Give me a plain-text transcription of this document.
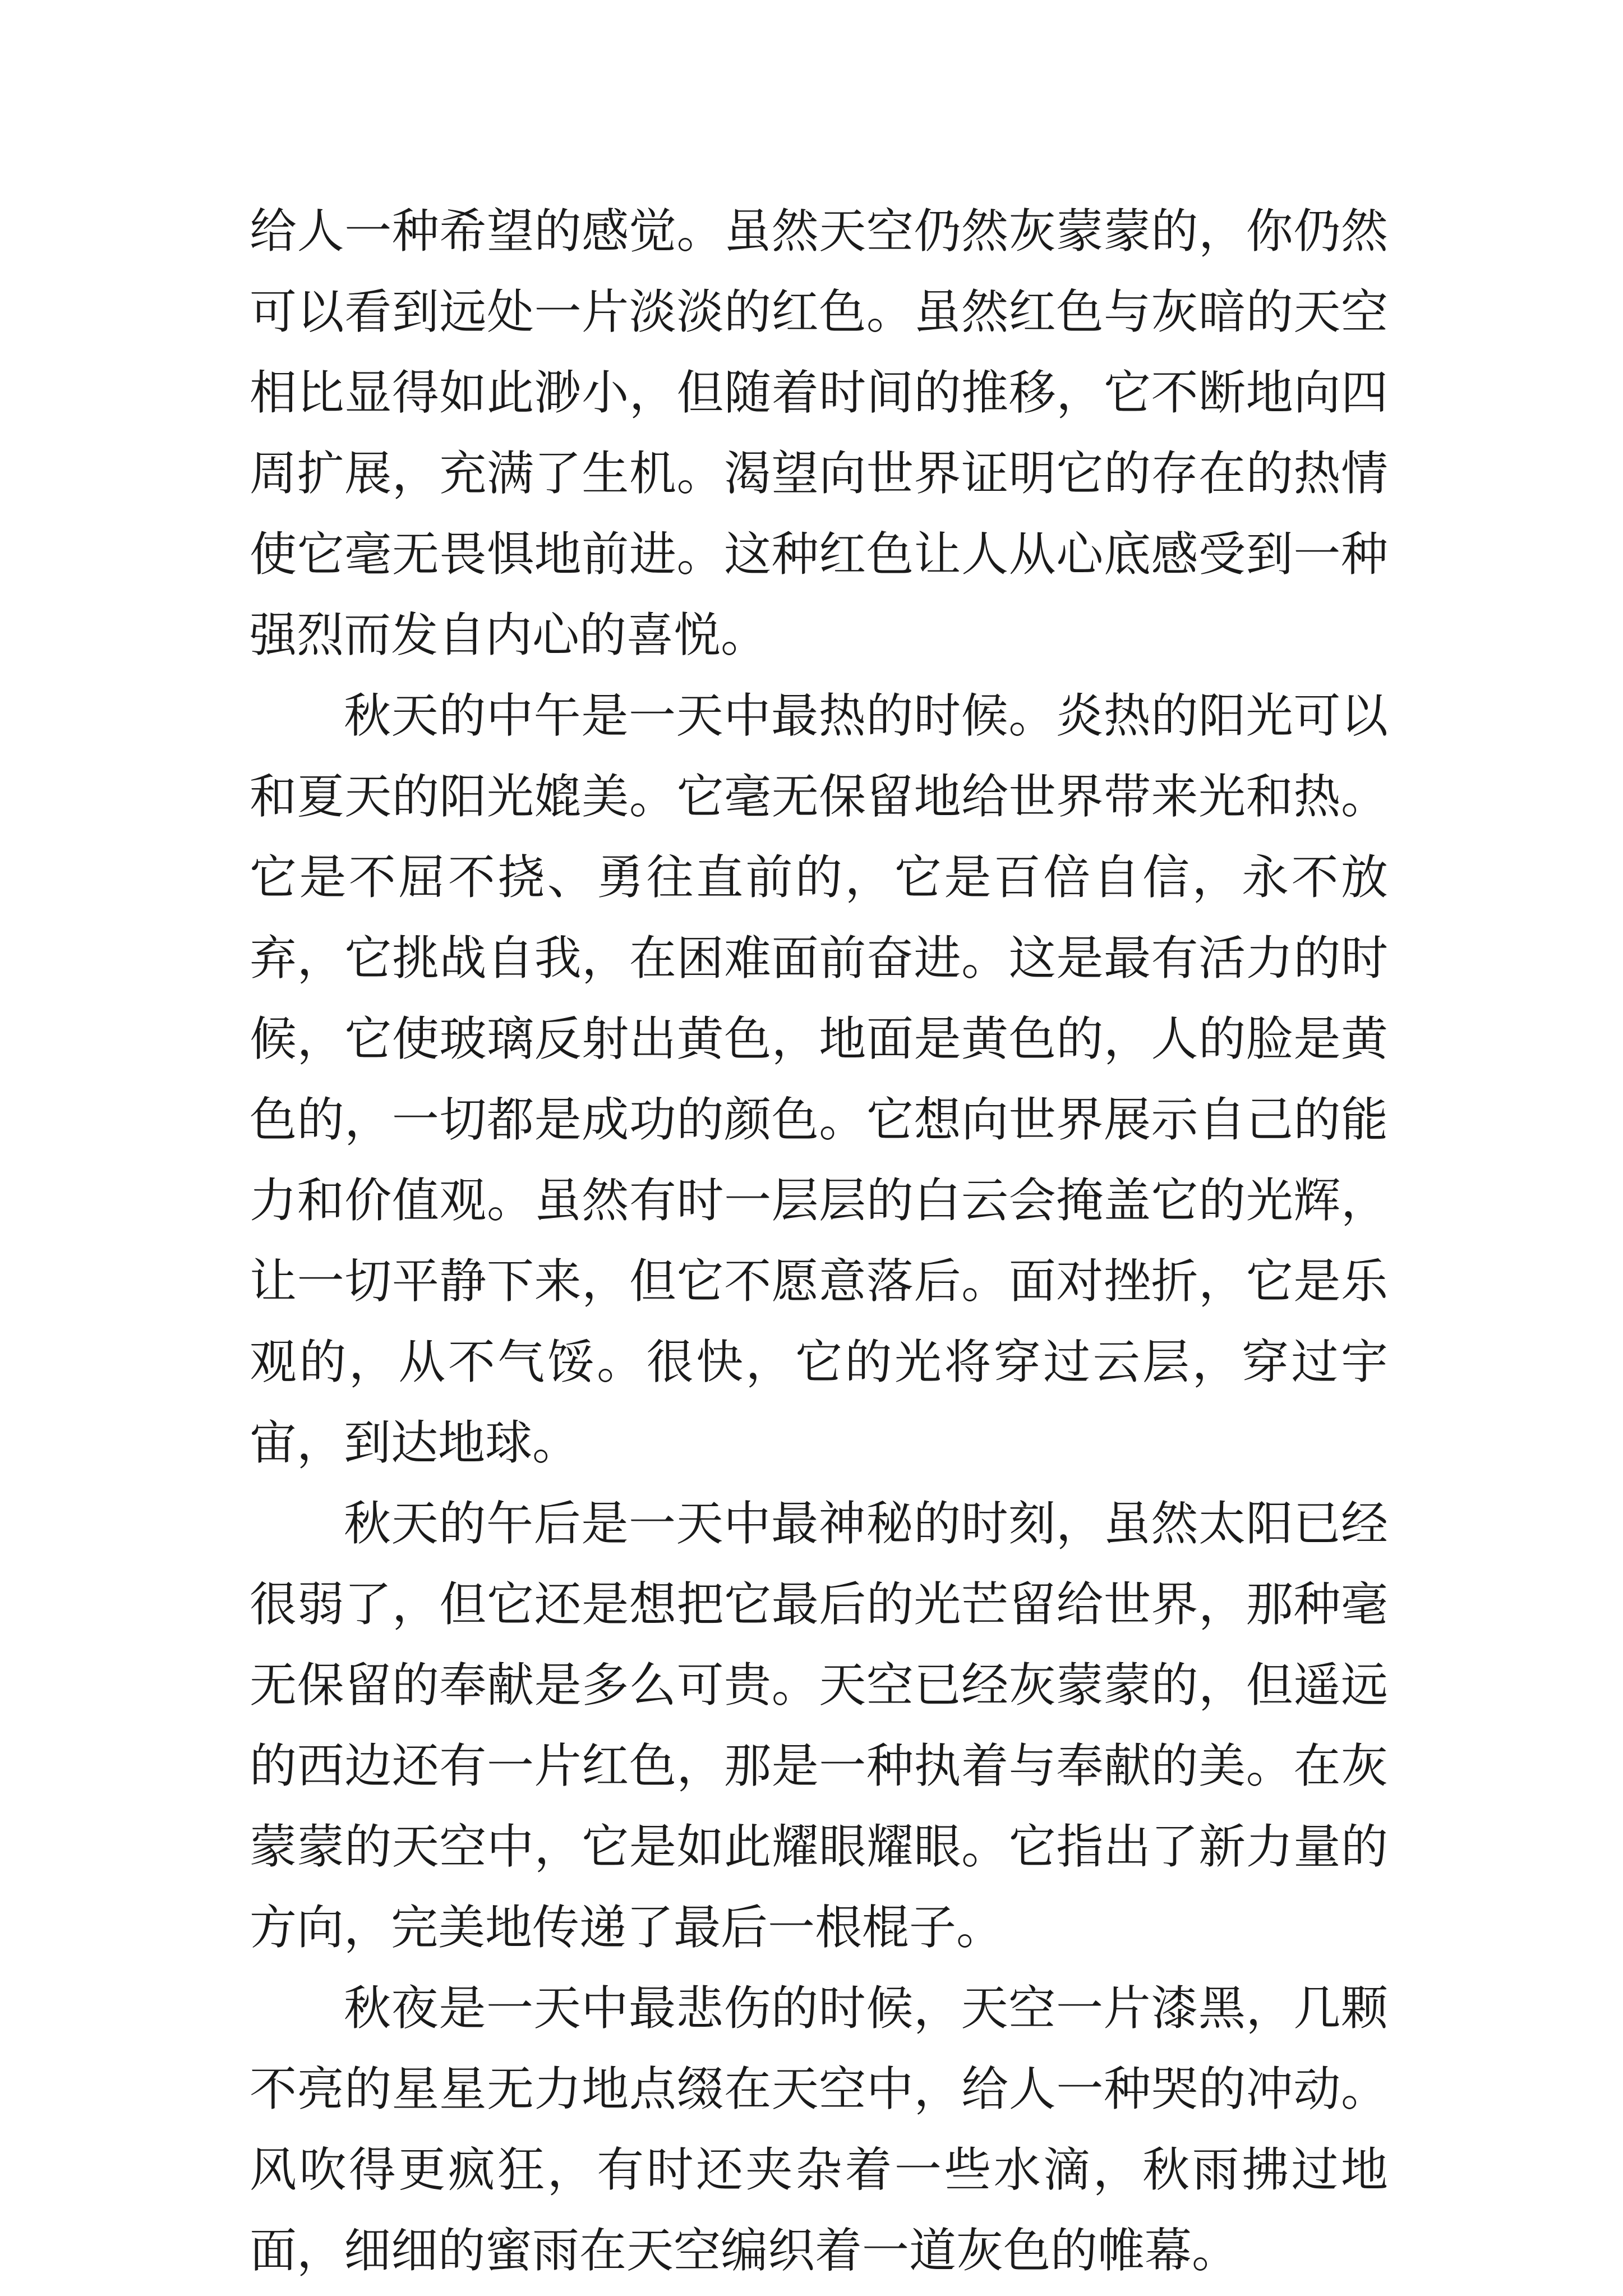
给人一种希望的感觉。虽然天空仍然灰蒙蒙的，你仍然可以看到远处一片淡淡的红色。虽然红色与灰暗的天空相比显得如此渺小，但随着时间的推移，它不断地向四周扩展，充满了生机。渴望向世界证明它的存在的热情使它毫无畏惧地前进。这种红色让人从心底感受到一种强烈而发自内心的喜悦。

秋天的中午是一天中最热的时候。炎热的阳光可以和夏天的阳光媲美。它毫无保留地给世界带来光和热。它是不屈不挠、勇往直前的，它是百倍自信，永不放弃，它挑战自我，在困难面前奋进。这是最有活力的时候，它使玻璃反射出黄色，地面是黄色的，人的脸是黄色的，一切都是成功的颜色。它想向世界展示自己的能力和价值观。虽然有时一层层的白云会掩盖它的光辉，让一切平静下来，但它不愿意落后。面对挫折，它是乐观的，从不气馁。很快，它的光将穿过云层，穿过宇宙，到达地球。

秋天的午后是一天中最神秘的时刻，虽然太阳已经很弱了，但它还是想把它最后的光芒留给世界，那种毫无保留的奉献是多么可贵。天空已经灰蒙蒙的，但遥远的西边还有一片红色，那是一种执着与奉献的美。在灰蒙蒙的天空中，它是如此耀眼耀眼。它指出了新力量的方向，完美地传递了最后一根棍子。

秋夜是一天中最悲伤的时候，天空一片漆黑，几颗不亮的星星无力地点缀在天空中，给人一种哭的冲动。风吹得更疯狂，有时还夹杂着一些水滴，秋雨拂过地面，细细的蜜雨在天空编织着一道灰色的帷幕。
